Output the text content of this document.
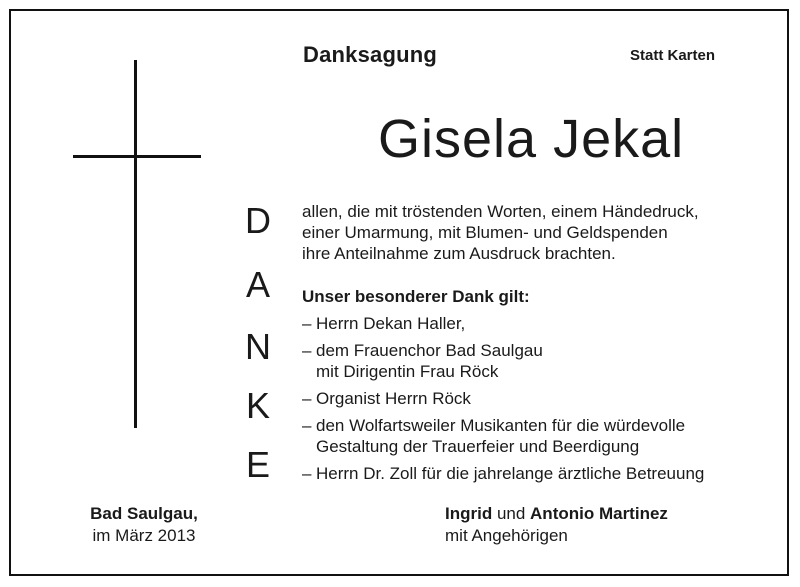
Danksagung	Statt Karten
Gisela Jekal
D
A
N
K
E
allen, die mit tröstenden Worten, einem Händedruck,
einer Umarmung, mit Blumen- und Geldspenden
ihre Anteilnahme zum Ausdruck brachten.
Unser besonderer Dank gilt:
– Herrn Dekan Haller,
– dem Frauenchor Bad Saulgau
mit Dirigentin Frau Röck
– Organist Herrn Röck
– den Wolfartsweiler Musikanten für die würdevolle
Gestaltung der Trauerfeier und Beerdigung
– Herrn Dr. Zoll für die jahrelange ärztliche Betreuung
Bad Saulgau,
im März 2013
Ingrid und Antonio Martinez
mit Angehörigen
